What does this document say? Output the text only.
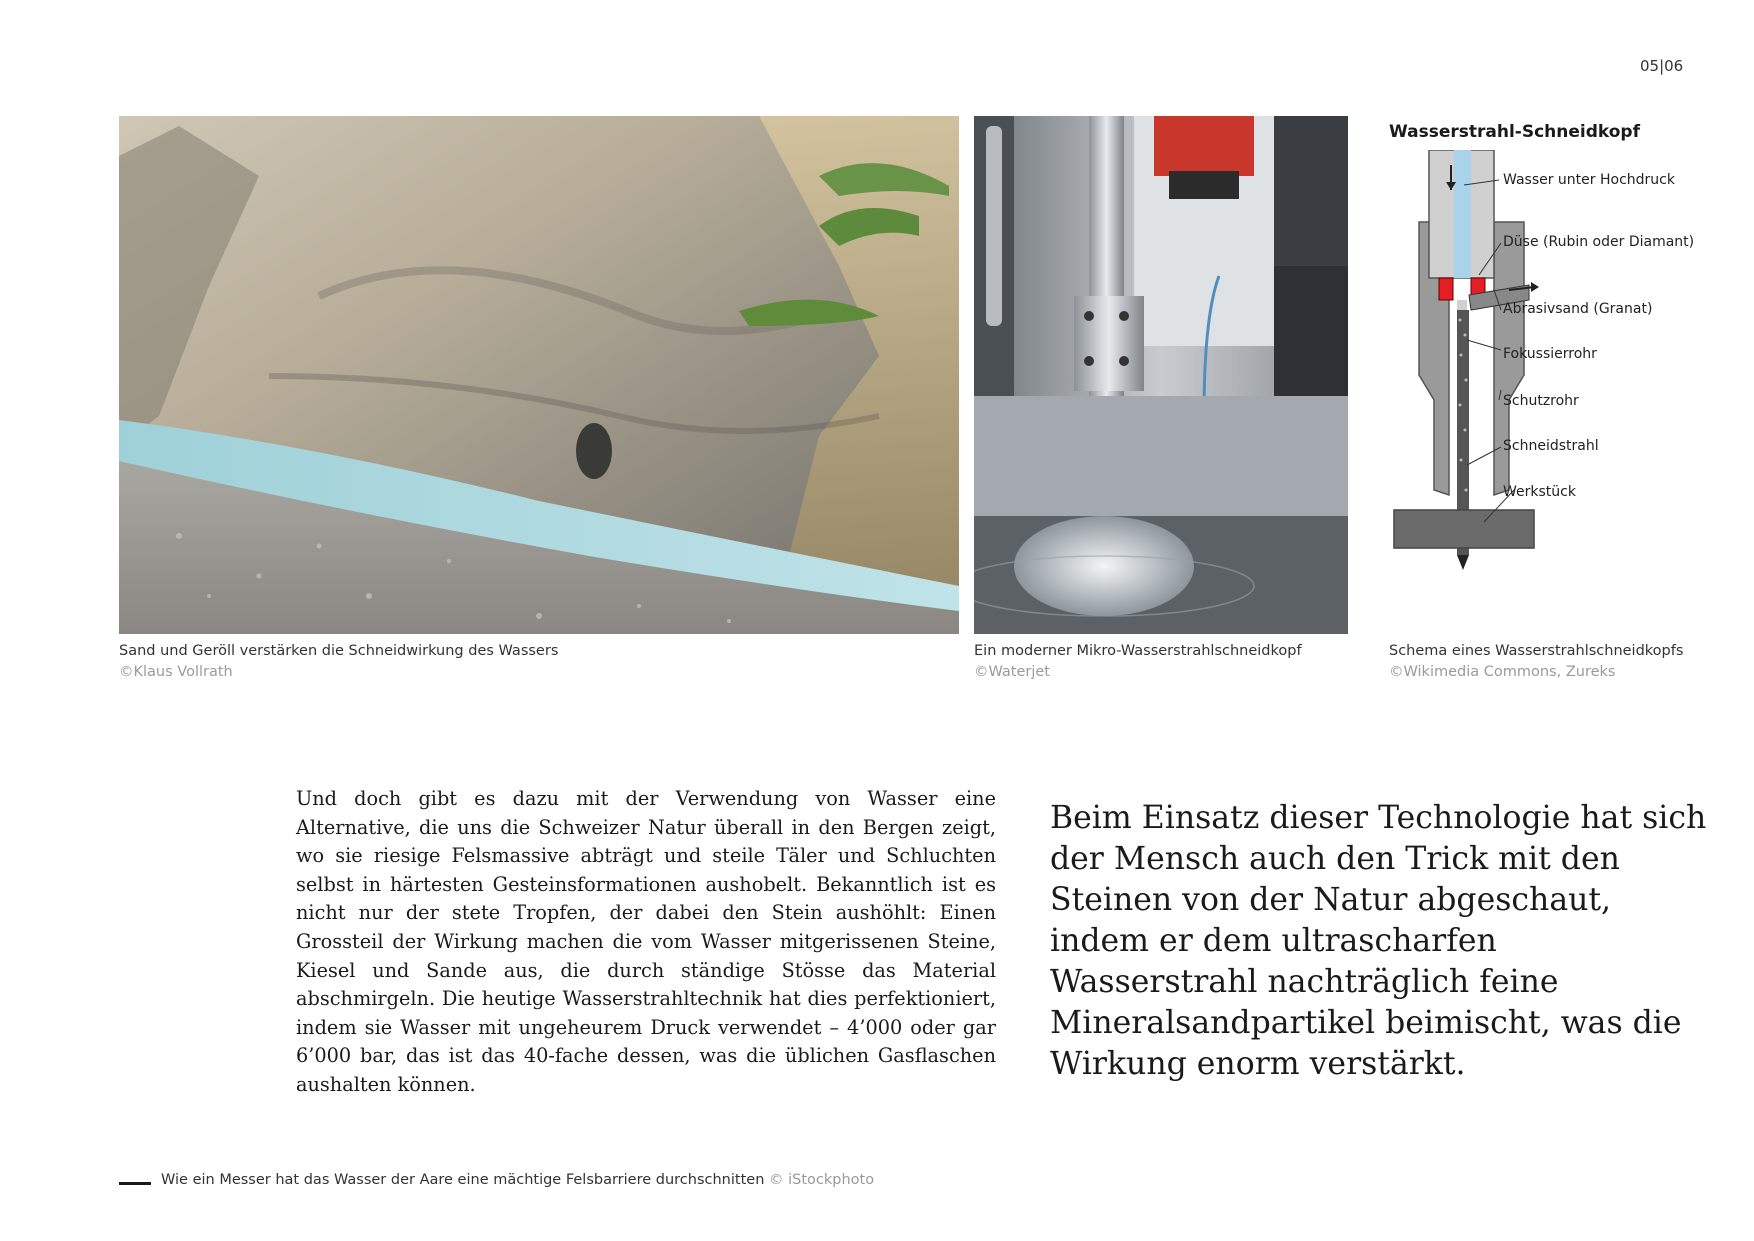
05|06
Wasserstrahl-Schneidkopf
Wasser unter Hochdruck
Düse (Rubin oder Diamant)
Abrasivsand (Granat)
Fokussierrohr
Schutzrohr
Schneidstrahl
Werkstück
Sand und Geröll verstärken die Schneidwirkung des Wassers
©Klaus Vollrath
Ein moderner Mikro-Wasserstrahlschneidkopf
©Waterjet
Schema eines Wasserstrahlschneidkopfs
©Wikimedia Commons, Zureks

Und doch gibt es dazu mit der Verwendung von Wasser eine Alternative, die uns die Schweizer Natur überall in den Bergen zeigt, wo sie riesige Felsmassive abträgt und steile Täler und Schluchten selbst in härtesten Gesteinsformationen aushobelt. Bekanntlich ist es nicht nur der stete Tropfen, der dabei den Stein aushöhlt: Einen Grossteil der Wirkung machen die vom Wasser mitgerissenen Steine, Kiesel und Sande aus, die durch ständige Stösse das Material abschmirgeln. Die heutige Wasserstrahltechnik hat dies perfektioniert, indem sie Wasser mit ungeheurem Druck verwendet – 4’000 oder gar 6’000 bar, das ist das 40-fache dessen, was die üblichen Gasflaschen aushalten können.

Beim Einsatz dieser Technologie hat sich der Mensch auch den Trick mit den Steinen von der Natur abgeschaut, indem er dem ultrascharfen Wasserstrahl nachträglich feine Mineralsandpartikel beimischt, was die Wirkung enorm verstärkt.

Wie ein Messer hat das Wasser der Aare eine mächtige Felsbarriere durchschnitten © iStockphoto
